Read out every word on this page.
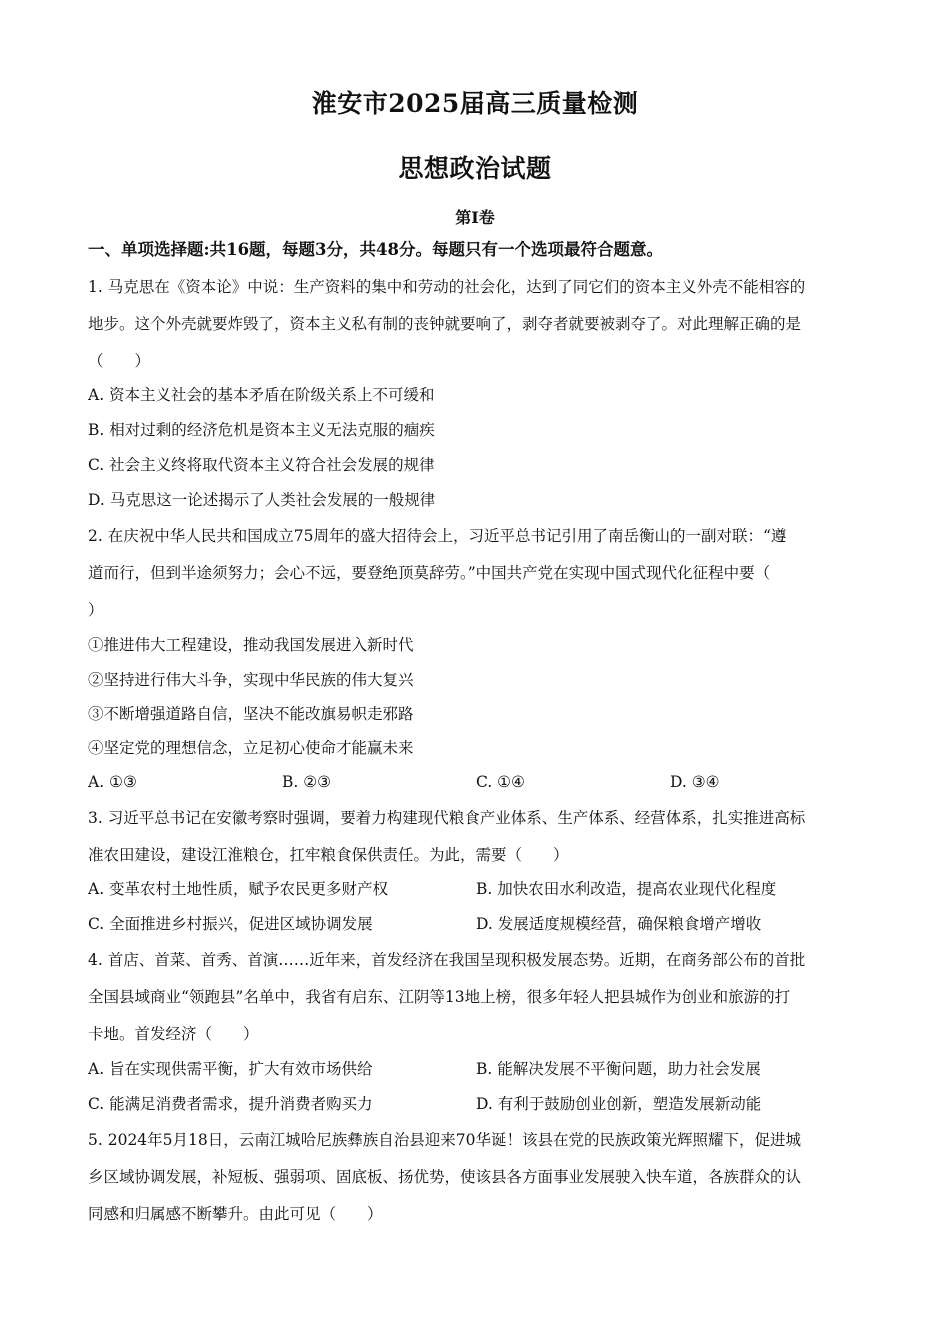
淮安市2025届高三质量检测
思想政治试题
第I卷
一、单项选择题:共16题，每题3分，共48分。每题只有一个选项最符合题意。
1. 马克思在《资本论》中说：生产资料的集中和劳动的社会化，达到了同它们的资本主义外壳不能相容的
地步。这个外壳就要炸毁了，资本主义私有制的丧钟就要响了，剥夺者就要被剥夺了。对此理解正确的是
（　　）
A. 资本主义社会的基本矛盾在阶级关系上不可缓和
B. 相对过剩的经济危机是资本主义无法克服的痼疾
C. 社会主义终将取代资本主义符合社会发展的规律
D. 马克思这一论述揭示了人类社会发展的一般规律
2. 在庆祝中华人民共和国成立75周年的盛大招待会上，习近平总书记引用了南岳衡山的一副对联：“遵
道而行，但到半途须努力；会心不远，要登绝顶莫辞劳。”中国共产党在实现中国式现代化征程中要（
）
①推进伟大工程建设，推动我国发展进入新时代
②坚持进行伟大斗争，实现中华民族的伟大复兴
③不断增强道路自信，坚决不能改旗易帜走邪路
④坚定党的理想信念，立足初心使命才能赢未来
A. ①③	B. ②③	C. ①④	D. ③④
3. 习近平总书记在安徽考察时强调，要着力构建现代粮食产业体系、生产体系、经营体系，扎实推进高标
准农田建设，建设江淮粮仓，扛牢粮食保供责任。为此，需要（　　）
A. 变革农村土地性质，赋予农民更多财产权	B. 加快农田水利改造，提高农业现代化程度
C. 全面推进乡村振兴，促进区域协调发展	D. 发展适度规模经营，确保粮食增产增收
4. 首店、首菜、首秀、首演……近年来，首发经济在我国呈现积极发展态势。近期，在商务部公布的首批
全国县域商业“领跑县”名单中，我省有启东、江阴等13地上榜，很多年轻人把县城作为创业和旅游的打
卡地。首发经济（　　）
A. 旨在实现供需平衡，扩大有效市场供给	B. 能解决发展不平衡问题，助力社会发展
C. 能满足消费者需求，提升消费者购买力	D. 有利于鼓励创业创新，塑造发展新动能
5. 2024年5月18日，云南江城哈尼族彝族自治县迎来70华诞！该县在党的民族政策光辉照耀下，促进城
乡区域协调发展，补短板、强弱项、固底板、扬优势，使该县各方面事业发展驶入快车道，各族群众的认
同感和归属感不断攀升。由此可见（　　）
